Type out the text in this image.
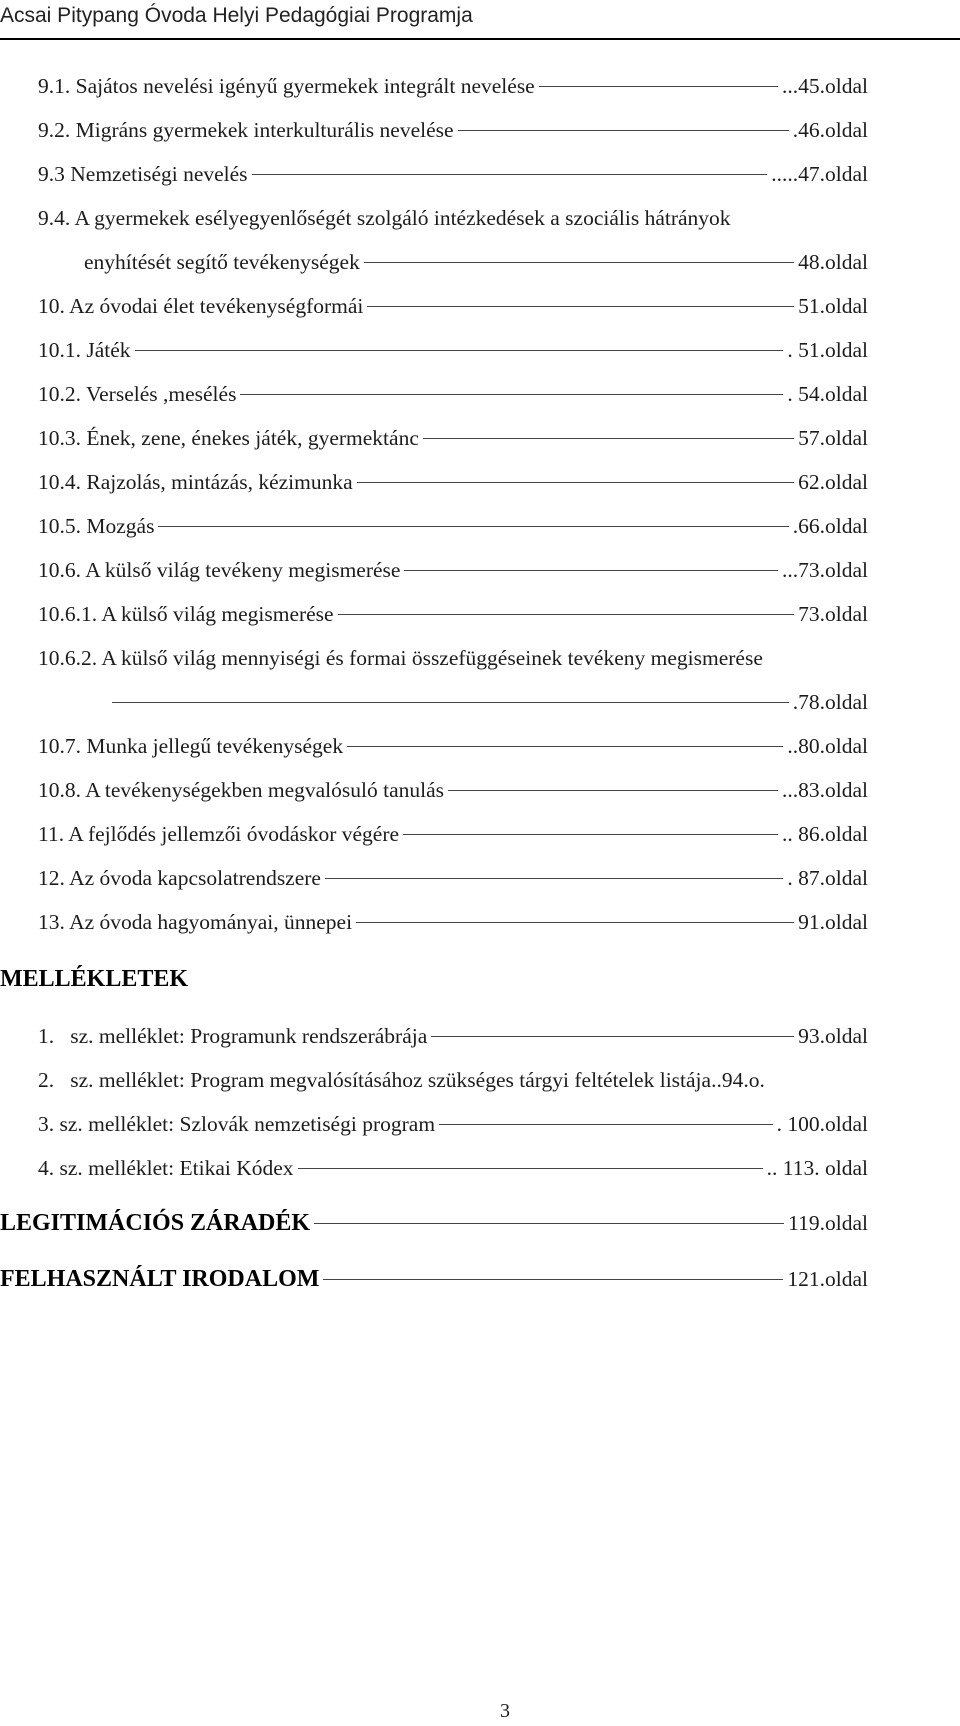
Acsai Pitypang Óvoda Helyi Pedagógiai Programja
9.1. Sajátos nevelési igényű gyermekek integrált nevelése	...45.oldal
9.2. Migráns gyermekek interkulturális nevelése	.46.oldal
9.3 Nemzetiségi nevelés	.....47.oldal
9.4. A gyermekek esélyegyenlőségét szolgáló intézkedések a szociális hátrányok
enyhítését segítő tevékenységek	48.oldal
10. Az óvodai élet tevékenységformái	51.oldal
10.1. Játék	. 51.oldal
10.2. Verselés ,mesélés	. 54.oldal
10.3. Ének, zene, énekes játék, gyermektánc	57.oldal
10.4. Rajzolás, mintázás, kézimunka	62.oldal
10.5. Mozgás	.66.oldal
10.6. A külső világ tevékeny megismerése	...73.oldal
10.6.1. A külső világ megismerése	73.oldal
10.6.2. A külső világ mennyiségi és formai összefüggéseinek tevékeny megismerése
.78.oldal
10.7. Munka jellegű tevékenységek	..80.oldal
10.8. A tevékenységekben megvalósuló tanulás	...83.oldal
11. A fejlődés jellemzői óvodáskor végére	.. 86.oldal
12. Az óvoda kapcsolatrendszere	. 87.oldal
13. Az óvoda hagyományai, ünnepei	91.oldal
MELLÉKLETEK
1.   sz. melléklet: Programunk rendszerábrája	93.oldal
2.   sz. melléklet: Program megvalósításához szükséges tárgyi feltételek listája..94.o.
3. sz. melléklet: Szlovák nemzetiségi program	. 100.oldal
4. sz. melléklet: Etikai Kódex	.. 113. oldal
LEGITIMÁCIÓS ZÁRADÉK	119.oldal
FELHASZNÁLT IRODALOM	121.oldal
3
